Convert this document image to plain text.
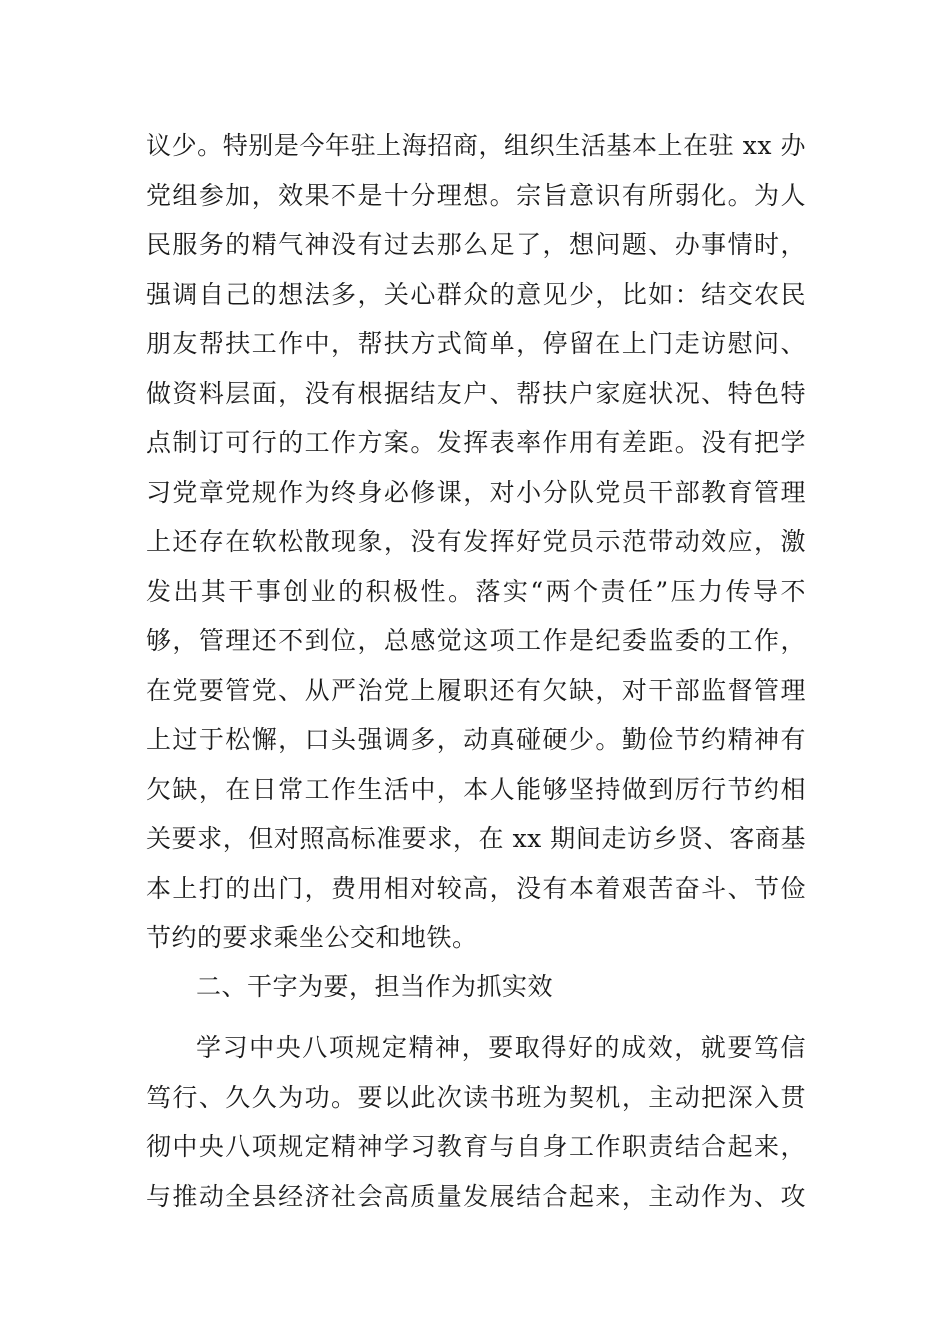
议少。特别是今年驻上海招商，组织生活基本上在驻 xx 办
党组参加，效果不是十分理想。宗旨意识有所弱化。为人
民服务的精气神没有过去那么足了，想问题、办事情时，
强调自己的想法多，关心群众的意见少，比如：结交农民
朋友帮扶工作中，帮扶方式简单，停留在上门走访慰问、
做资料层面，没有根据结友户、帮扶户家庭状况、特色特
点制订可行的工作方案。发挥表率作用有差距。没有把学
习党章党规作为终身必修课，对小分队党员干部教育管理
上还存在软松散现象，没有发挥好党员示范带动效应，激
发出其干事创业的积极性。落实“两个责任”压力传导不
够，管理还不到位，总感觉这项工作是纪委监委的工作，
在党要管党、从严治党上履职还有欠缺，对干部监督管理
上过于松懈，口头强调多，动真碰硬少。勤俭节约精神有
欠缺，在日常工作生活中，本人能够坚持做到厉行节约相
关要求，但对照高标准要求，在 xx 期间走访乡贤、客商基
本上打的出门，费用相对较高，没有本着艰苦奋斗、节俭
节约的要求乘坐公交和地铁。
二、干字为要，担当作为抓实效
学习中央八项规定精神，要取得好的成效，就要笃信
笃行、久久为功。要以此次读书班为契机，主动把深入贯
彻中央八项规定精神学习教育与自身工作职责结合起来，
与推动全县经济社会高质量发展结合起来，主动作为、攻
